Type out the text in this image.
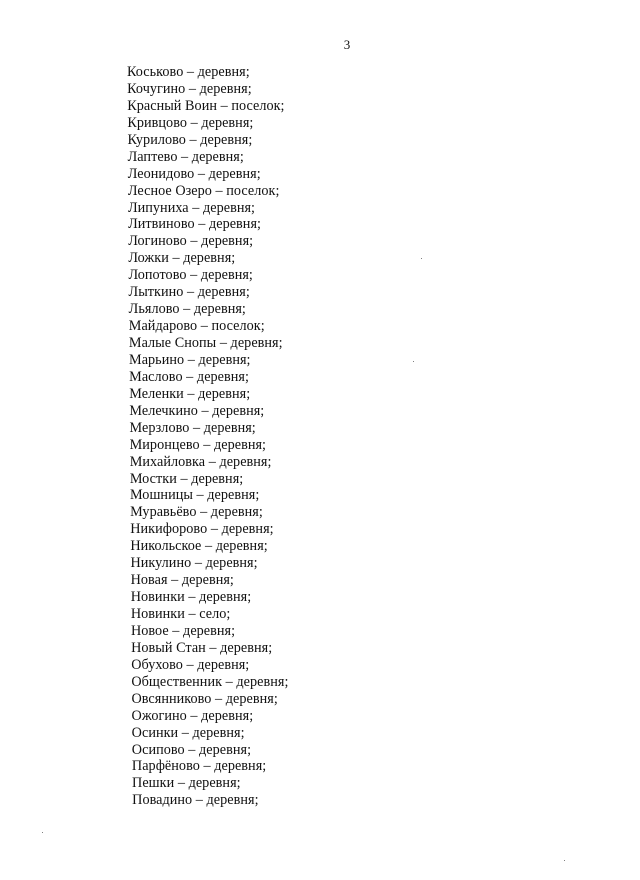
3
Коськово – деревня;
Кочугино – деревня;
Красный Воин – поселок;
Кривцово – деревня;
Курилово – деревня;
Лаптево – деревня;
Леонидово – деревня;
Лесное Озеро – поселок;
Липуниха – деревня;
Литвиново – деревня;
Логиново – деревня;
Ложки – деревня;
Лопотово – деревня;
Лыткино – деревня;
Льялово – деревня;
Майдарово – поселок;
Малые Снопы – деревня;
Марьино – деревня;
Маслово – деревня;
Меленки – деревня;
Мелечкино – деревня;
Мерзлово – деревня;
Миронцево – деревня;
Михайловка – деревня;
Мостки – деревня;
Мошницы – деревня;
Муравьёво – деревня;
Никифорово – деревня;
Никольское – деревня;
Никулино – деревня;
Новая – деревня;
Новинки – деревня;
Новинки – село;
Новое – деревня;
Новый Стан – деревня;
Обухово – деревня;
Общественник – деревня;
Овсянниково – деревня;
Ожогино – деревня;
Осинки – деревня;
Осипово – деревня;
Парфёново – деревня;
Пешки – деревня;
Повадино – деревня;
